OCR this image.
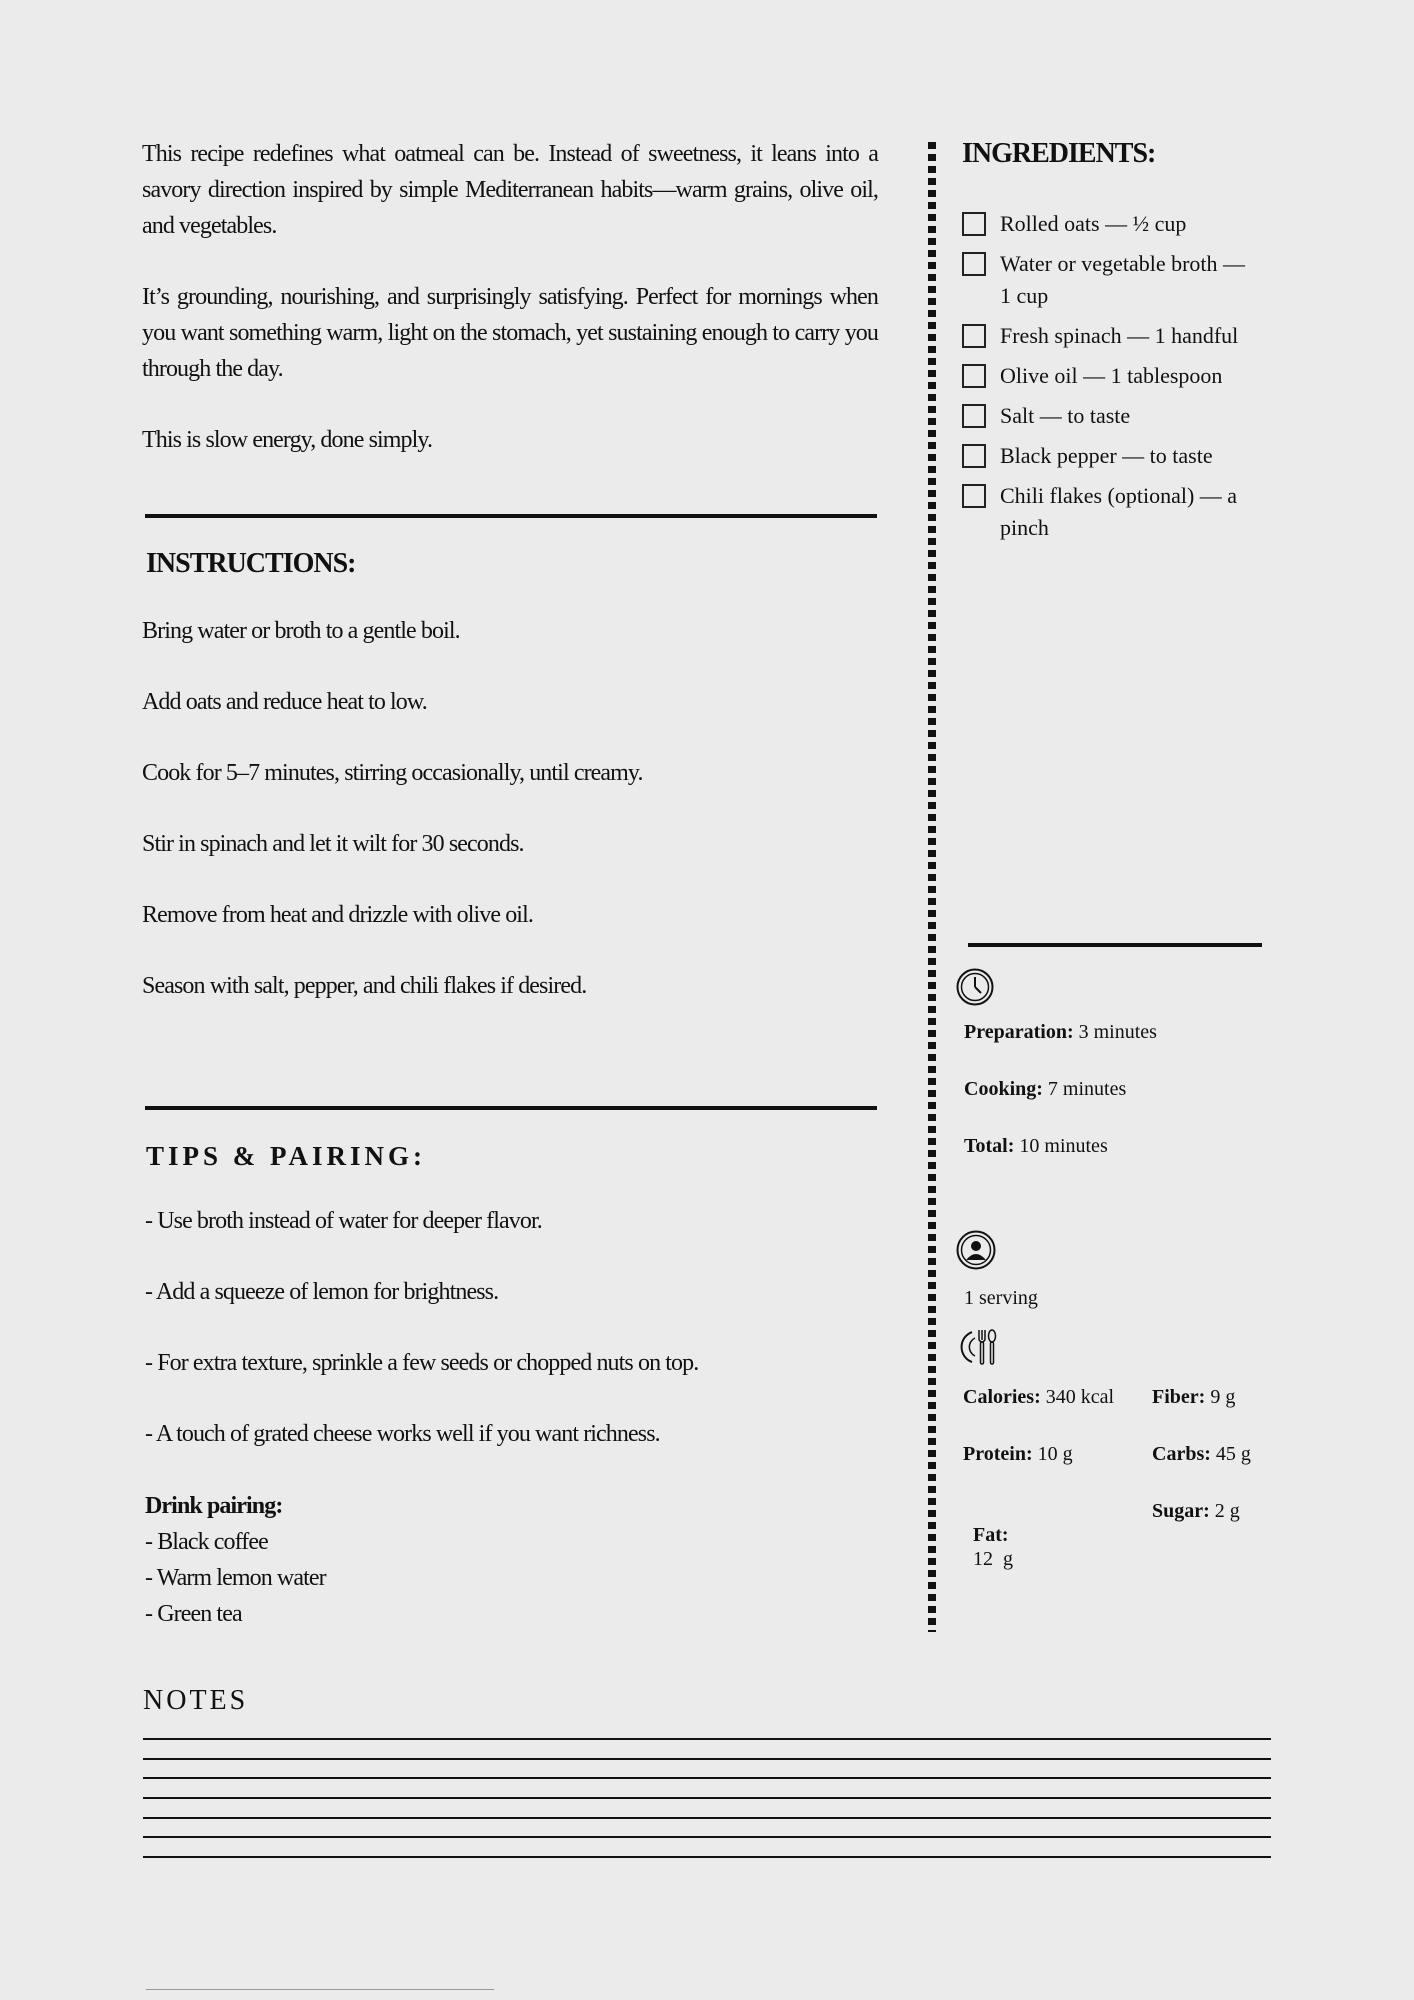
This recipe redefines what oatmeal can be. Instead of sweetness, it leans into a savory direction inspired by simple Mediterranean habits—warm grains, olive oil, and vegetables.

It’s grounding, nourishing, and surprisingly satisfying. Perfect for mornings when you want something warm, light on the stomach, yet sustaining enough to carry you through the day.

This is slow energy, done simply.

INSTRUCTIONS:

Bring water or broth to a gentle boil.

Add oats and reduce heat to low.

Cook for 5–7 minutes, stirring occasionally, until creamy.

Stir in spinach and let it wilt for 30 seconds.

Remove from heat and drizzle with olive oil.

Season with salt, pepper, and chili flakes if desired.

TIPS & PAIRING:

- Use broth instead of water for deeper flavor.

- Add a squeeze of lemon for brightness.

- For extra texture, sprinkle a few seeds or chopped nuts on top.

- A touch of grated cheese works well if you want richness.

Drink pairing:
- Black coffee
- Warm lemon water
- Green tea
INGREDIENTS:
Rolled oats — ½ cup
Water or vegetable broth — 1 cup
Fresh spinach — 1 handful
Olive oil — 1 tablespoon
Salt — to taste
Black pepper — to taste
Chili flakes (optional) — a pinch
Preparation: 3 minutes
Cooking: 7 minutes
Total: 10 minutes
1 serving
Calories: 340 kcal Fiber: 9 g
Protein: 10 g	Carbs: 45 g

Fat:
12  g

Sugar: 2 g
NOTES
